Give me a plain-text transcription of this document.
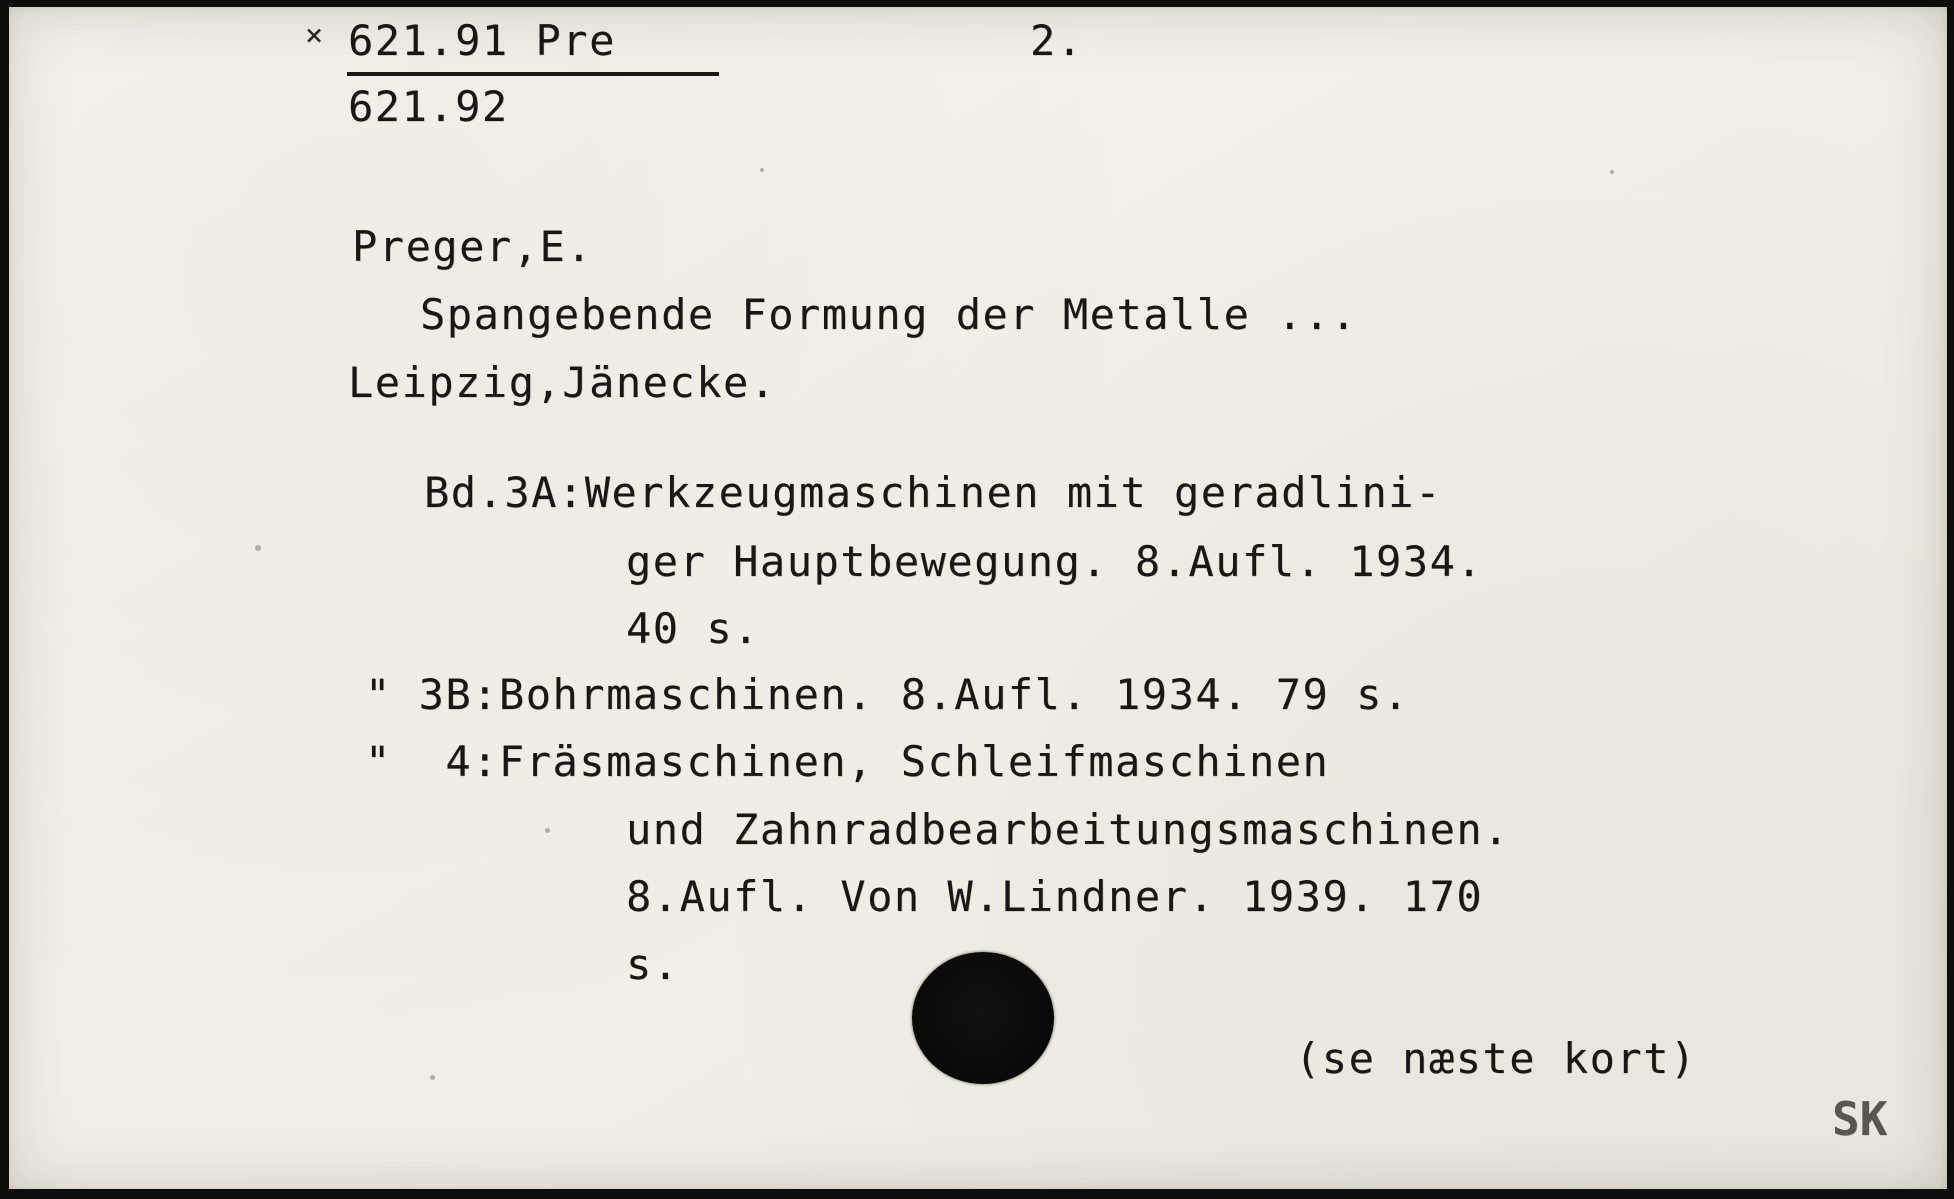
× 621.91 Pre
621.92
2.
Preger,E.
Spangebende Formung der Metalle ...
Leipzig,Jänecke.
Bd.3A:Werkzeugmaschinen mit geradlini-
ger Hauptbewegung. 8.Aufl. 1934.
40 s.
" 3B:Bohrmaschinen. 8.Aufl. 1934. 79 s.
"  4:Fräsmaschinen, Schleifmaschinen
und Zahnradbearbeitungsmaschinen.
8.Aufl. Von W.Lindner. 1939. 170
s.
(se næste kort)
SK
